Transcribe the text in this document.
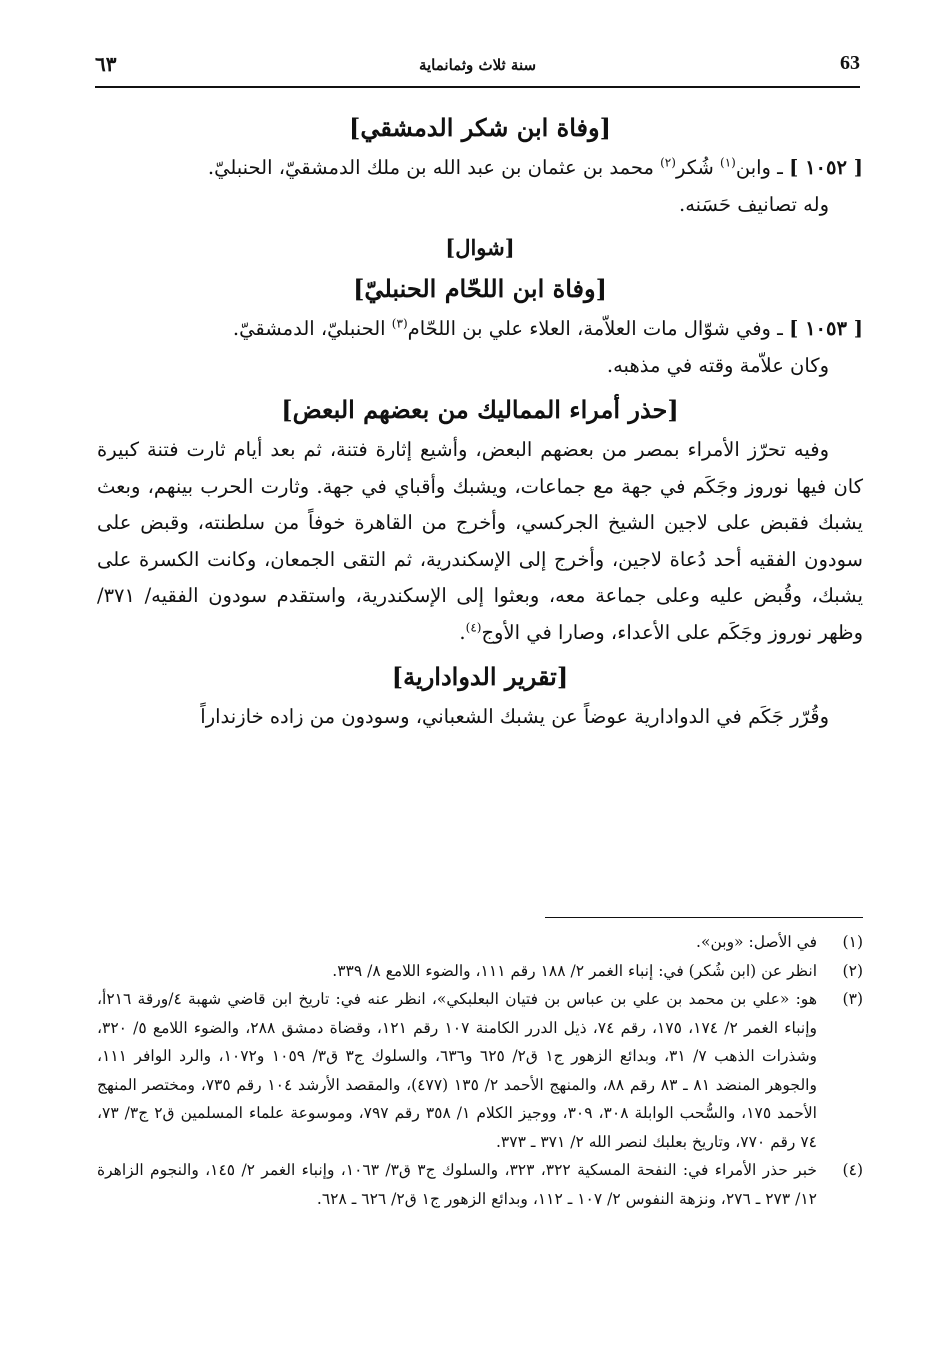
63
سنة ثلاث وثمانماية
٦٣

[وفاة ابن شكر الدمشقي]

[ ١٠٥٢ ] ـ وابن$^{(١)}$ شُكر$^{(٢)}$ محمد بن عثمان بن عبد الله بن ملك الدمشقيّ، الحنبليّ.

وله تصانيف حَسَنه.

[شوال]

[وفاة ابن اللحّام الحنبليّ]

[ ١٠٥٣ ] ـ وفي شوّال مات العلاّمة، العلاء علي بن اللحّام$^{(٣)}$ الحنبليّ، الدمشقيّ.

وكان علاّمة وقته في مذهبه.

[حذر أمراء المماليك من بعضهم البعض]

وفيه تحرّز الأمراء بمصر من بعضهم البعض، وأشيع إثارة فتنة، ثم بعد أيام ثارت فتنة كبيرة كان فيها نوروز وجَكَم في جهة مع جماعات، ويشبك وأقباي في جهة. وثارت الحرب بينهم، وبعث يشبك فقبض على لاجين الشيخ الجركسي، وأخرج من القاهرة خوفاً من سلطنته، وقبض على سودون الفقيه أحد دُعاة لاجين، وأخرج إلى الإسكندرية، ثم التقى الجمعان، وكانت الكسرة على يشبك، وقُبض عليه وعلى جماعة معه، وبعثوا إلى الإسكندرية، واستقدم سودون الفقيه/ ٣٧١/وظهر نوروز وجَكَم على الأعداء، وصارا في الأوج$^{(٤)}$.

[تقرير الدوادارية]

وقُرّر جَكَم في الدوادارية عوضاً عن يشبك الشعباني، وسودون من زاده خازنداراً

(١)
في الأصل: «وبن».
(٢)
انظر عن (ابن شُكر) في: إنباء الغمر ٢/ ١٨٨ رقم ١١١، والضوء اللامع ٨/ ٣٣٩.
(٣)
هو: «علي بن محمد بن علي بن عباس بن فتيان البعلبكي»، انظر عنه في: تاريخ ابن قاضي شهبة ٤/ورقة ٢١٦أ، وإنباء الغمر ٢/ ١٧٤، ١٧٥، رقم ٧٤، ذيل الدرر الكامنة ١٠٧ رقم ١٢١، وقضاة دمشق ٢٨٨، والضوء اللامع ٥/ ٣٢٠، وشذرات الذهب ٧/ ٣١، وبدائع الزهور ج١ ق٢/ ٦٢٥ و٦٣٦، والسلوك ج٣ ق٣/ ١٠٥٩ و١٠٧٢، والرد الوافر ١١١، والجوهر المنضد ٨١ ـ ٨٣ رقم ٨٨، والمنهج الأحمد ٢/ ١٣٥ (٤٧٧)، والمقصد الأرشد ١٠٤ رقم ٧٣٥، ومختصر المنهج الأحمد ١٧٥، والسُّحب الوابلة ٣٠٨، ٣٠٩، ووجيز الكلام ١/ ٣٥٨ رقم ٧٩٧، وموسوعة علماء المسلمين ق٢ ج٣/ ٧٣، ٧٤ رقم ٧٧٠، وتاريخ بعلبك لنصر الله ٢/ ٣٧١ ـ ٣٧٣.
(٤)
خبر حذر الأمراء في: النفحة المسكية ٣٢٢، ٣٢٣، والسلوك ج٣ ق٣/ ١٠٦٣، وإنباء الغمر ٢/ ١٤٥، والنجوم الزاهرة ١٢/ ٢٧٣ ـ ٢٧٦، ونزهة النفوس ٢/ ١٠٧ ـ ١١٢، وبدائع الزهور ج١ ق٢/ ٦٢٦ ـ ٦٢٨.
